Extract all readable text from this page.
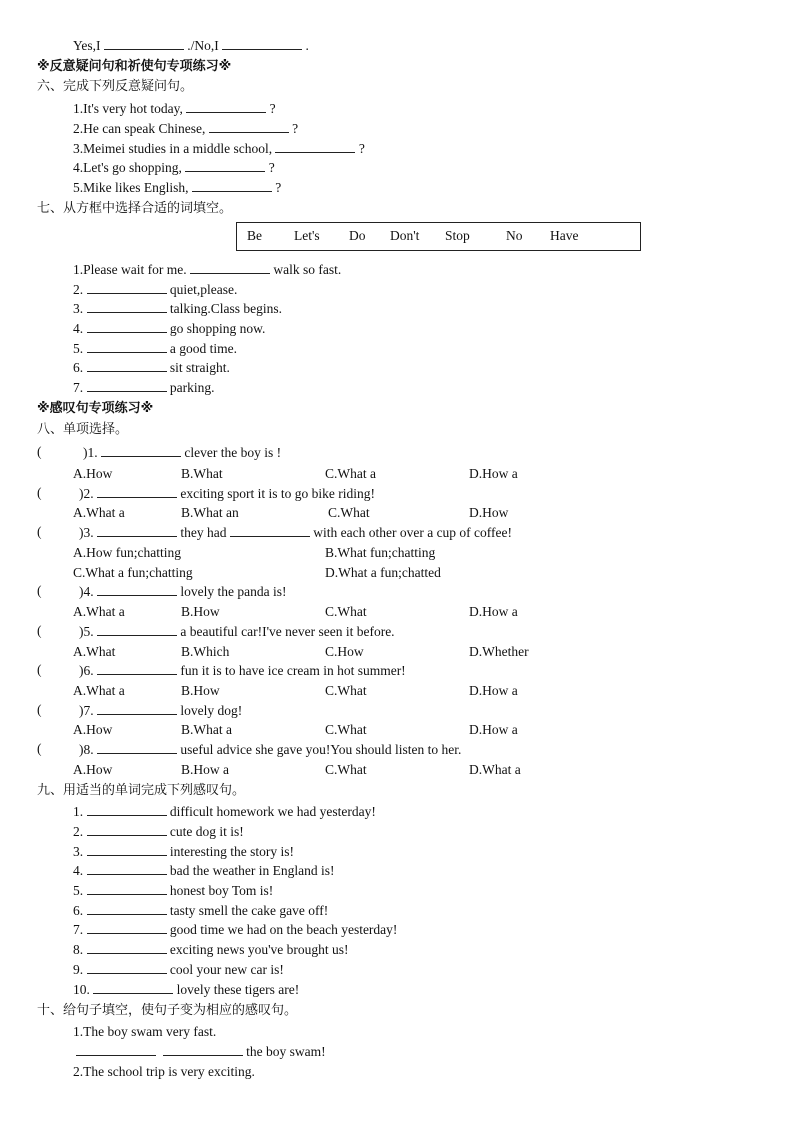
Yes,I	./No,I	.
※反意疑问句和祈使句专项练习※
六、完成下列反意疑问句。
1.It's very hot today,	?
2.He can speak Chinese,	?
3.Meimei studies in a middle school,	?
4.Let's go shopping,	?
5.Mike likes English,	?
七、从方框中选择合适的词填空。
Be Let's Do Don't Stop	No Have
1.Please wait for me.	walk so fast.
2.	quiet,please.
3.	talking.Class begins.
4.	go shopping now.
5.	a good time.
6.	sit straight.
7.	parking.
※感叹句专项练习※
八、单项选择。
(	)1.	clever the boy is !
A.How	B.What	C.What a	D.How a
(	)2.	exciting sport it is to go bike riding!
A.What a	B.What an	C.What	D.How
(	)3.	they had	with each other over a cup of coffee!
A.How fun;chatting	B.What fun;chatting
C.What a fun;chatting	D.What a fun;chatted
(	)4.	lovely the panda is!
A.What a	B.How	C.What	D.How a
(	)5.	a beautiful car!I've never seen it before.
A.What	B.Which	C.How	D.Whether
(	)6.	fun it is to have ice cream in hot summer!
A.What a	B.How	C.What	D.How a
(	)7.	lovely dog!
A.How	B.What a	C.What	D.How a
(	)8.	useful advice she gave you!You should listen to her.
A.How	B.How a	C.What	D.What a
九、用适当的单词完成下列感叹句。
1.	difficult homework we had yesterday!
2.	cute dog it is!
3.	interesting the story is!
4.	bad the weather in England is!
5.	honest boy Tom is!
6.	tasty smell the cake gave off!
7.	good time we had on the beach yesterday!
8.	exciting news you've brought us!
9.	cool your new car is!
10.	lovely these tigers are!
十、给句子填空，使句子变为相应的感叹句。
1.The boy swam very fast.
the boy swam!
2.The school trip is very exciting.
